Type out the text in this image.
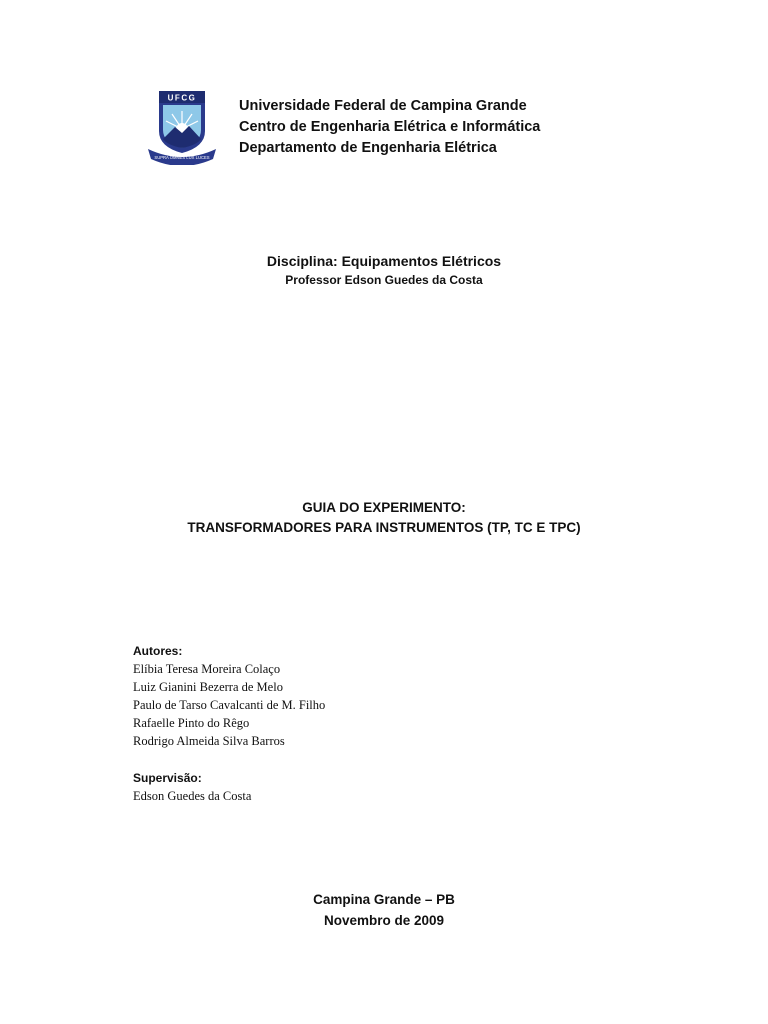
UFCG
SUPRA OMNES LUX LUCES
Universidade Federal de Campina Grande
Centro de Engenharia Elétrica e Informática
Departamento de Engenharia Elétrica
Disciplina: Equipamentos Elétricos
Professor Edson Guedes da Costa
GUIA DO EXPERIMENTO:
TRANSFORMADORES PARA INSTRUMENTOS (TP, TC E TPC)
Autores:
Elíbia Teresa Moreira Colaço
Luiz Gianini Bezerra de Melo
Paulo de Tarso Cavalcanti de M. Filho
Rafaelle Pinto do Rêgo
Rodrigo Almeida Silva Barros
Supervisão:
Edson Guedes da Costa
Campina Grande – PB
Novembro de 2009
